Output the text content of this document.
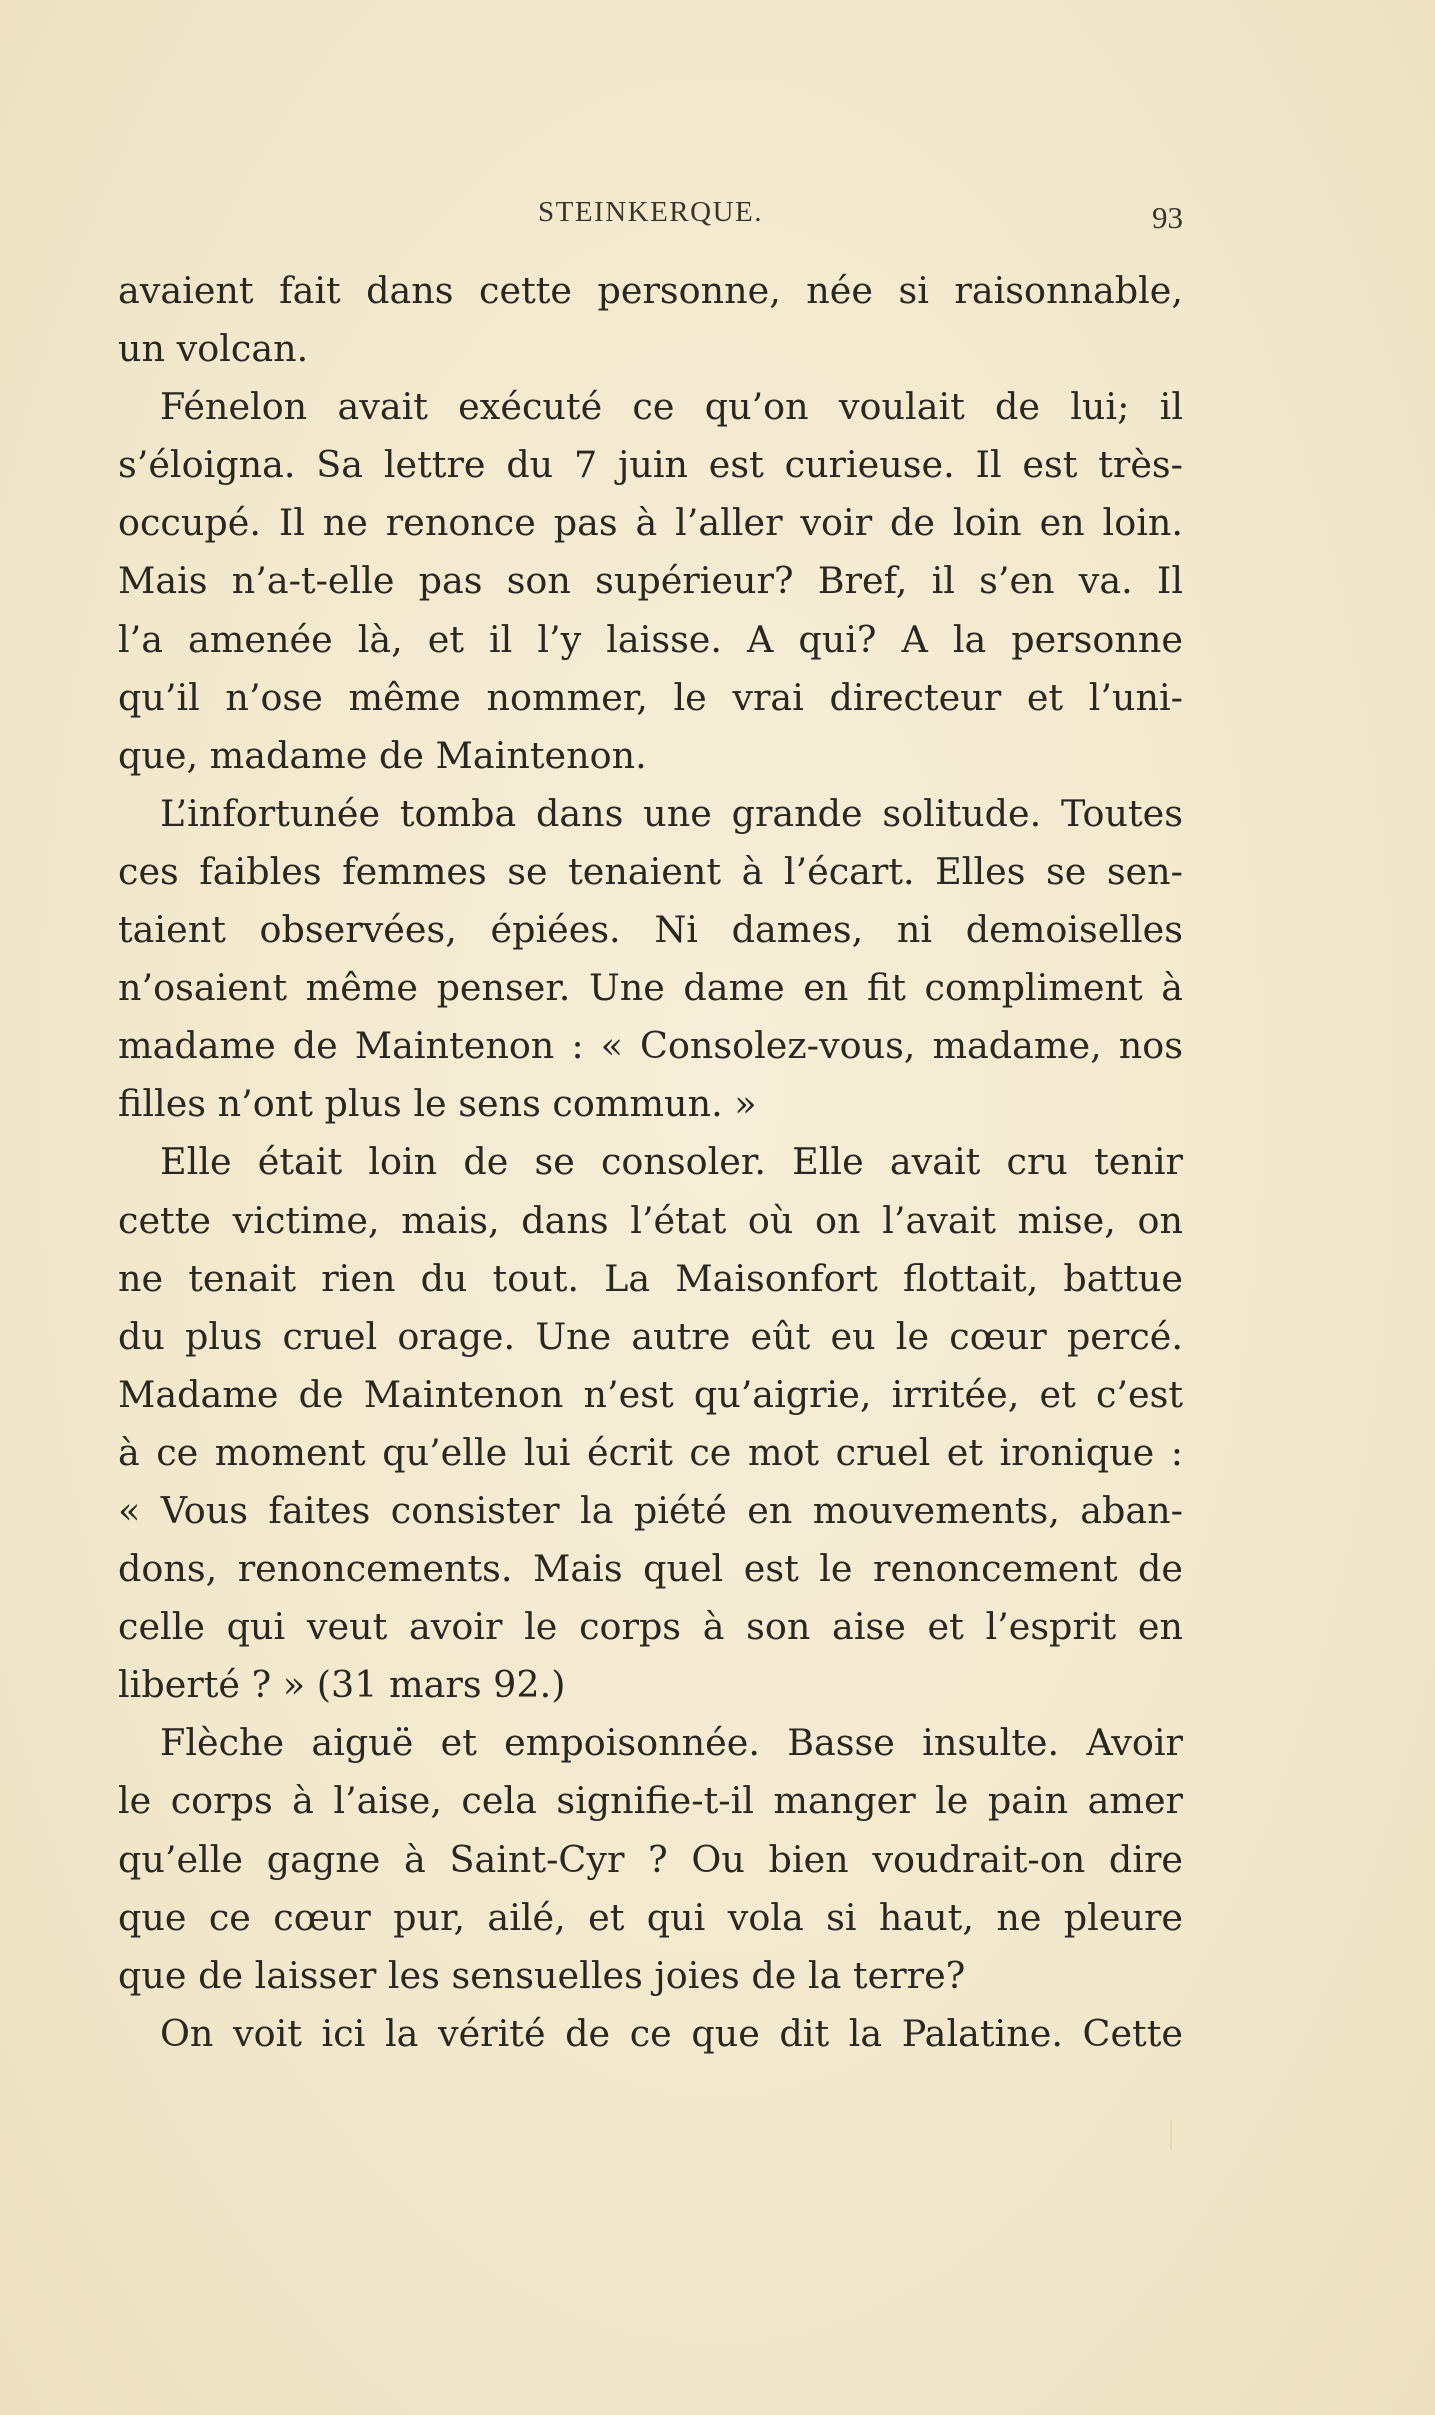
STEINKERQUE.	93
avaient fait dans cette personne, née si raisonnable,
un volcan.
Fénelon avait exécuté ce qu’on voulait de lui; il
s’éloigna. Sa lettre du 7 juin est curieuse. Il est très-
occupé. Il ne renonce pas à l’aller voir de loin en loin.
Mais n’a-t-elle pas son supérieur? Bref, il s’en va. Il
l’a amenée là, et il l’y laisse. A qui? A la personne
qu’il n’ose même nommer, le vrai directeur et l’uni-
que, madame de Maintenon.
L’infortunée tomba dans une grande solitude. Toutes
ces faibles femmes se tenaient à l’écart. Elles se sen-
taient observées, épiées. Ni dames, ni demoiselles
n’osaient même penser. Une dame en fit compliment à
madame de Maintenon : « Consolez-vous, madame, nos
filles n’ont plus le sens commun. »
Elle était loin de se consoler. Elle avait cru tenir
cette victime, mais, dans l’état où on l’avait mise, on
ne tenait rien du tout. La Maisonfort flottait, battue
du plus cruel orage. Une autre eût eu le cœur percé.
Madame de Maintenon n’est qu’aigrie, irritée, et c’est
à ce moment qu’elle lui écrit ce mot cruel et ironique :
« Vous faites consister la piété en mouvements, aban-
dons, renoncements. Mais quel est le renoncement de
celle qui veut avoir le corps à son aise et l’esprit en
liberté ? » (31 mars 92.)
Flèche aiguë et empoisonnée. Basse insulte. Avoir
le corps à l’aise, cela signifie-t-il manger le pain amer
qu’elle gagne à Saint-Cyr ? Ou bien voudrait-on dire
que ce cœur pur, ailé, et qui vola si haut, ne pleure
que de laisser les sensuelles joies de la terre?
On voit ici la vérité de ce que dit la Palatine. Cette
